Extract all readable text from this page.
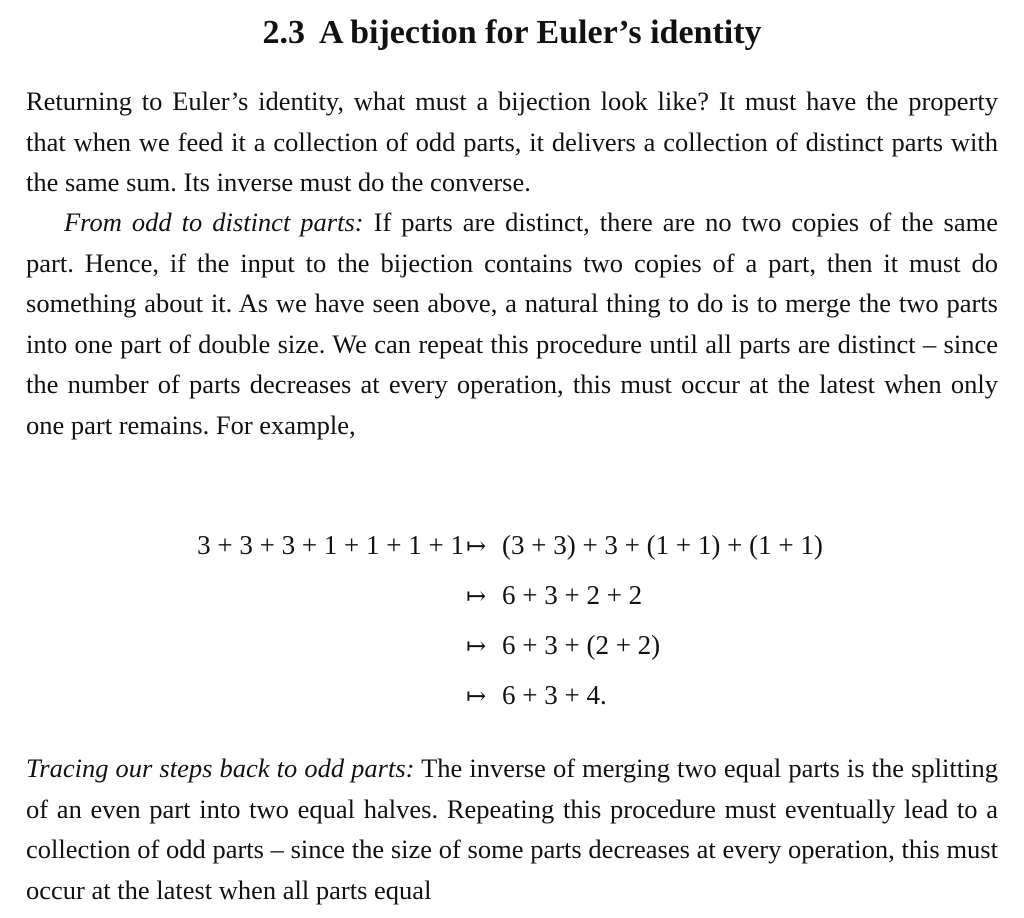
2.3 A bijection for Euler’s identity

Returning to Euler’s identity, what must a bijection look like? It must have the property that when we feed it a collection of odd parts, it delivers a collection of distinct parts with the same sum. Its inverse must do the converse.

From odd to distinct parts: If parts are distinct, there are no two copies of the same part. Hence, if the input to the bijection contains two copies of a part, then it must do something about it. As we have seen above, a natural thing to do is to merge the two parts into one part of double size. We can repeat this procedure until all parts are distinct – since the number of parts decreases at every operation, this must occur at the latest when only one part remains. For example,

3 + 3 + 3 + 1 + 1 + 1 + 1 ↦ (3 + 3) + 3 + (1 + 1) + (1 + 1)
↦ 6 + 3 + 2 + 2
↦ 6 + 3 + (2 + 2)
↦ 6 + 3 + 4.

Tracing our steps back to odd parts: The inverse of merging two equal parts is the splitting of an even part into two equal halves. Repeating this procedure must eventually lead to a collection of odd parts – since the size of some parts decreases at every operation, this must occur at the latest when all parts equal
